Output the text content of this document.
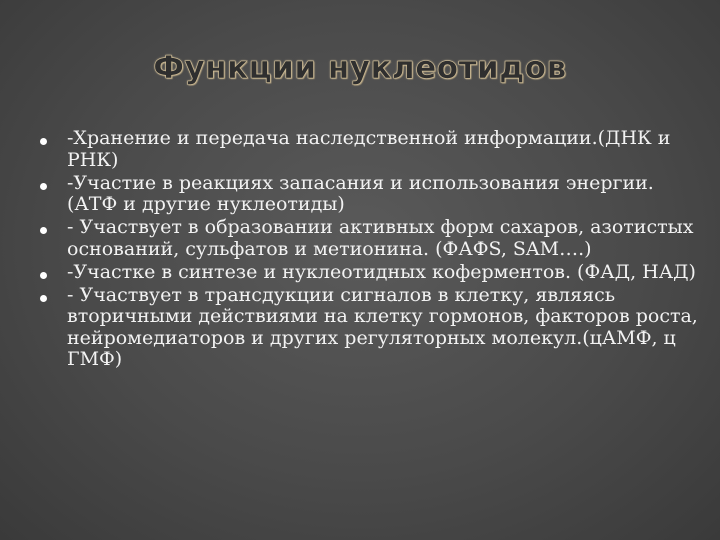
Функции нуклеотидов
-Хранение и передача наследственной информации.(ДНК и РНК)
-Участие в реакциях запасания и использования энергии. (АТФ и другие нуклеотиды)
- Участвует в образовании активных форм сахаров, азотистых оснований, сульфатов и метионина. (ФАФS, SAM….)
-Участке в синтезе и нуклеотидных коферментов. (ФАД, НАД)
- Участвует в трансдукции сигналов в клетку, являясь вторичными действиями на клетку гормонов, факторов роста, нейромедиаторов и других регуляторных молекул.(цАМФ, ц ГМФ)
